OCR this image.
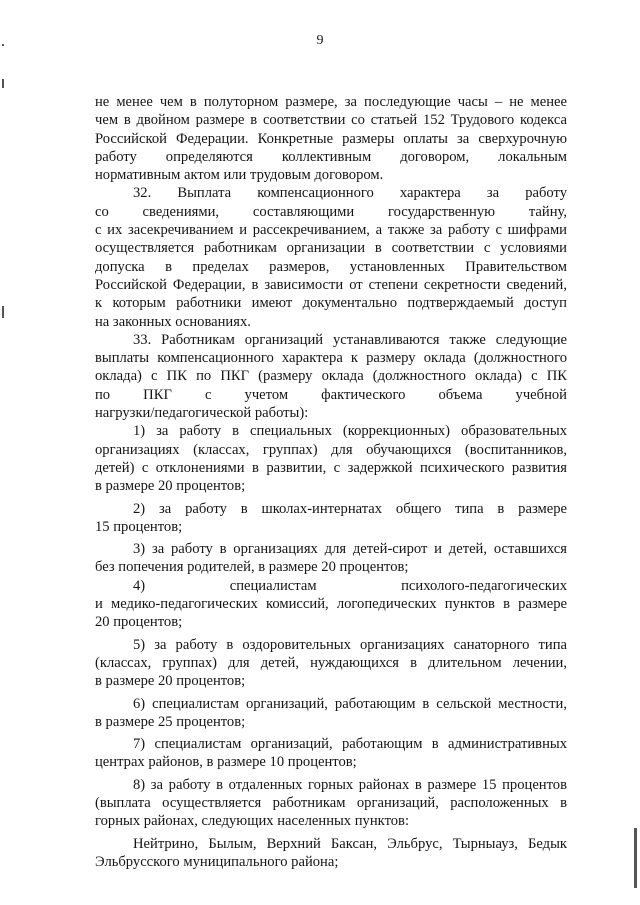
9
не менее чем в полуторном размере, за последующие часы – не менее
чем в двойном размере в соответствии со статьей 152 Трудового кодекса
Российской Федерации. Конкретные размеры оплаты за сверхурочную
работу определяются коллективным договором, локальным
нормативным актом или трудовым договором.
32. Выплата компенсационного характера за работу
со сведениями, составляющими государственную тайну,
с их засекречиванием и рассекречиванием, а также за работу с шифрами
осуществляется работникам организации в соответствии с условиями
допуска в пределах размеров, установленных Правительством
Российской Федерации, в зависимости от степени секретности сведений,
к которым работники имеют документально подтверждаемый доступ
на законных основаниях.
33. Работникам организаций устанавливаются также следующие
выплаты компенсационного характера к размеру оклада (должностного
оклада) с ПК по ПКГ (размеру оклада (должностного оклада) с ПК
по ПКГ с учетом фактического объема учебной
нагрузки/педагогической работы):
1) за работу в специальных (коррекционных) образовательных
организациях (классах, группах) для обучающихся (воспитанников,
детей) с отклонениями в развитии, с задержкой психического развития
в размере 20 процентов;
2) за работу в школах-интернатах общего типа в размере
15 процентов;
3) за работу в организациях для детей-сирот и детей, оставшихся
без попечения родителей, в размере 20 процентов;
4) специалистам психолого-педагогических
и медико-педагогических комиссий, логопедических пунктов в размере
20 процентов;
5) за работу в оздоровительных организациях санаторного типа
(классах, группах) для детей, нуждающихся в длительном лечении,
в размере 20 процентов;
6) специалистам организаций, работающим в сельской местности,
в размере 25 процентов;
7) специалистам организаций, работающим в административных
центрах районов, в размере 10 процентов;
8) за работу в отдаленных горных районах в размере 15 процентов
(выплата осуществляется работникам организаций, расположенных в
горных районах, следующих населенных пунктов:
Нейтрино, Былым, Верхний Баксан, Эльбрус, Тырныауз, Бедык
Эльбрусского муниципального района;
